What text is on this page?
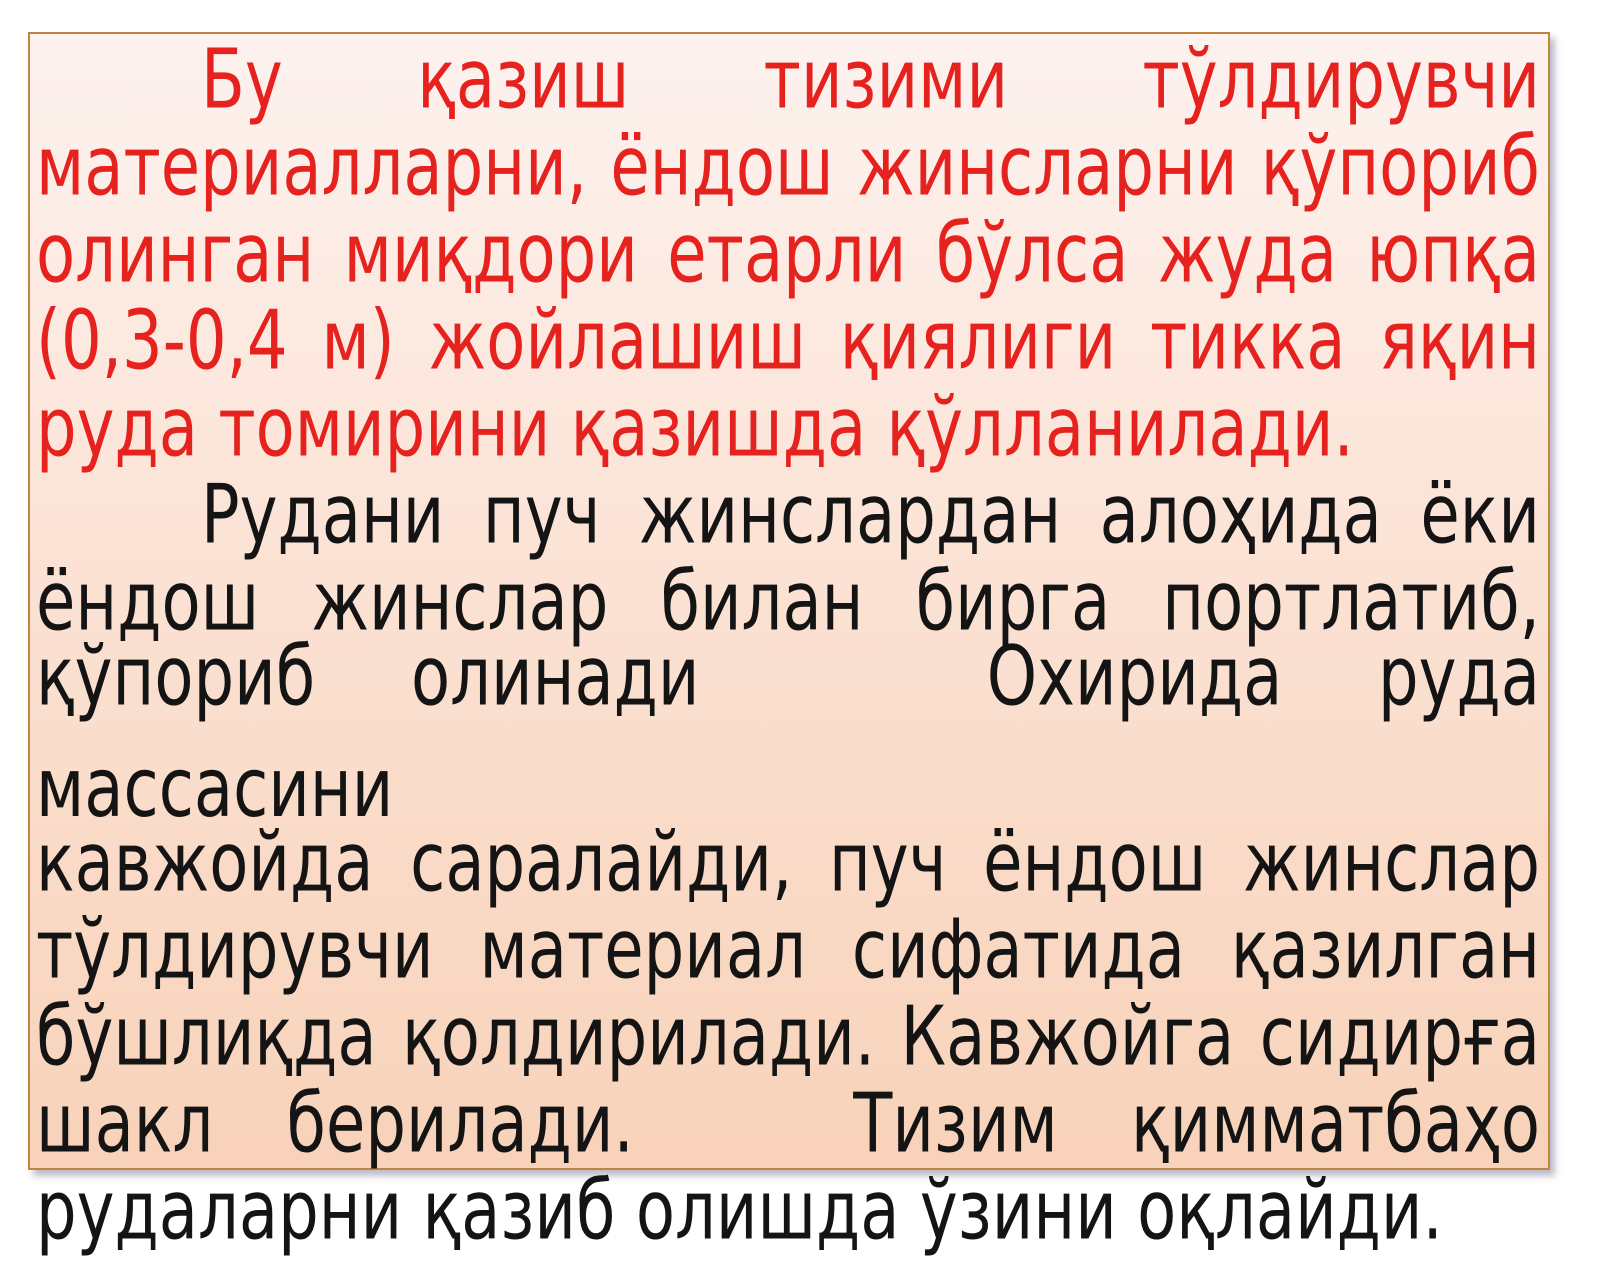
Бу қазиш тизими тўлдирувчи
материалларни, ёндош жинсларни қўпориб
олинган миқдори етарли бўлса жуда юпқа
(0,3-0,4 м) жойлашиш қиялиги тикка яқин
руда томирини қазишда қўлланилади.
Рудани пуч жинслардан алоҳида ёки
ёндош жинслар билан бирга портлатиб,
қўпориб олинади   Охирида руда массасини
кавжойда саралайди, пуч ёндош жинслар
тўлдирувчи материал сифатида қазилган
бўшлиқда қолдирилади. Кавжойга сидирға
шакл берилади.   Тизим қимматбаҳо
рудаларни қазиб олишда ўзини оқлайди.
